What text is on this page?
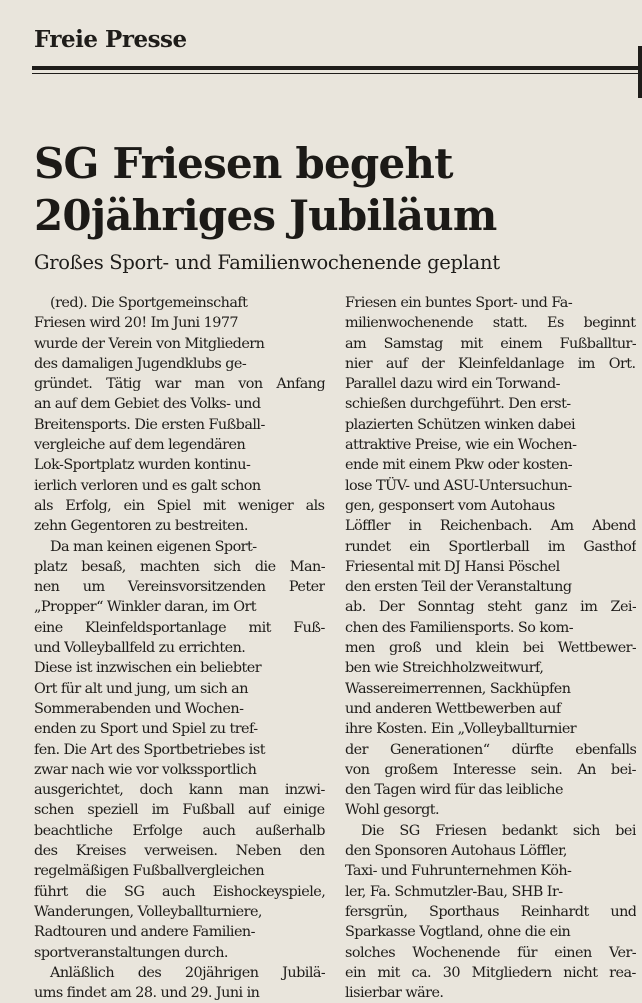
Freie Presse
SG Friesen begeht
20jähriges Jubiläum
Großes Sport- und Familienwochenende geplant
(red). Die Sportgemeinschaft
Friesen wird 20! Im Juni 1977
wurde der Verein von Mitgliedern
des damaligen Jugendklubs ge-
gründet. Tätig war man von Anfang
an auf dem Gebiet des Volks- und
Breitensports. Die ersten Fußball-
vergleiche auf dem legendären
Lok-Sportplatz wurden kontinu-
ierlich verloren und es galt schon
als Erfolg, ein Spiel mit weniger als
zehn Gegentoren zu bestreiten.
Da man keinen eigenen Sport-
platz besaß, machten sich die Man-
nen um Vereinsvorsitzenden Peter
„Propper“ Winkler daran, im Ort
eine Kleinfeldsportanlage mit Fuß-
und Volleyballfeld zu errichten.
Diese ist inzwischen ein beliebter
Ort für alt und jung, um sich an
Sommerabenden und Wochen-
enden zu Sport und Spiel zu tref-
fen. Die Art des Sportbetriebes ist
zwar nach wie vor volkssportlich
ausgerichtet, doch kann man inzwi-
schen speziell im Fußball auf einige
beachtliche Erfolge auch außerhalb
des Kreises verweisen. Neben den
regelmäßigen Fußballvergleichen
führt die SG auch Eishockeyspiele,
Wanderungen, Volleyballturniere,
Radtouren und andere Familien-
sportveranstaltungen durch.
Anläßlich des 20jährigen Jubilä-
ums findet am 28. und 29. Juni in
Friesen ein buntes Sport- und Fa-
milienwochenende statt. Es beginnt
am Samstag mit einem Fußballtur-
nier auf der Kleinfeldanlage im Ort.
Parallel dazu wird ein Torwand-
schießen durchgeführt. Den erst-
plazierten Schützen winken dabei
attraktive Preise, wie ein Wochen-
ende mit einem Pkw oder kosten-
lose TÜV- und ASU-Untersuchun-
gen, gesponsert vom Autohaus
Löffler in Reichenbach. Am Abend
rundet ein Sportlerball im Gasthof
Friesental mit DJ Hansi Pöschel
den ersten Teil der Veranstaltung
ab. Der Sonntag steht ganz im Zei-
chen des Familiensports. So kom-
men groß und klein bei Wettbewer-
ben wie Streichholzweitwurf,
Wassereimerrennen, Sackhüpfen
und anderen Wettbewerben auf
ihre Kosten. Ein „Volleyballturnier
der Generationen“ dürfte ebenfalls
von großem Interesse sein. An bei-
den Tagen wird für das leibliche
Wohl gesorgt.
Die SG Friesen bedankt sich bei
den Sponsoren Autohaus Löffler,
Taxi- und Fuhrunternehmen Köh-
ler, Fa. Schmutzler-Bau, SHB Ir-
fersgrün, Sporthaus Reinhardt und
Sparkasse Vogtland, ohne die ein
solches Wochenende für einen Ver-
ein mit ca. 30 Mitgliedern nicht rea-
lisierbar wäre.
